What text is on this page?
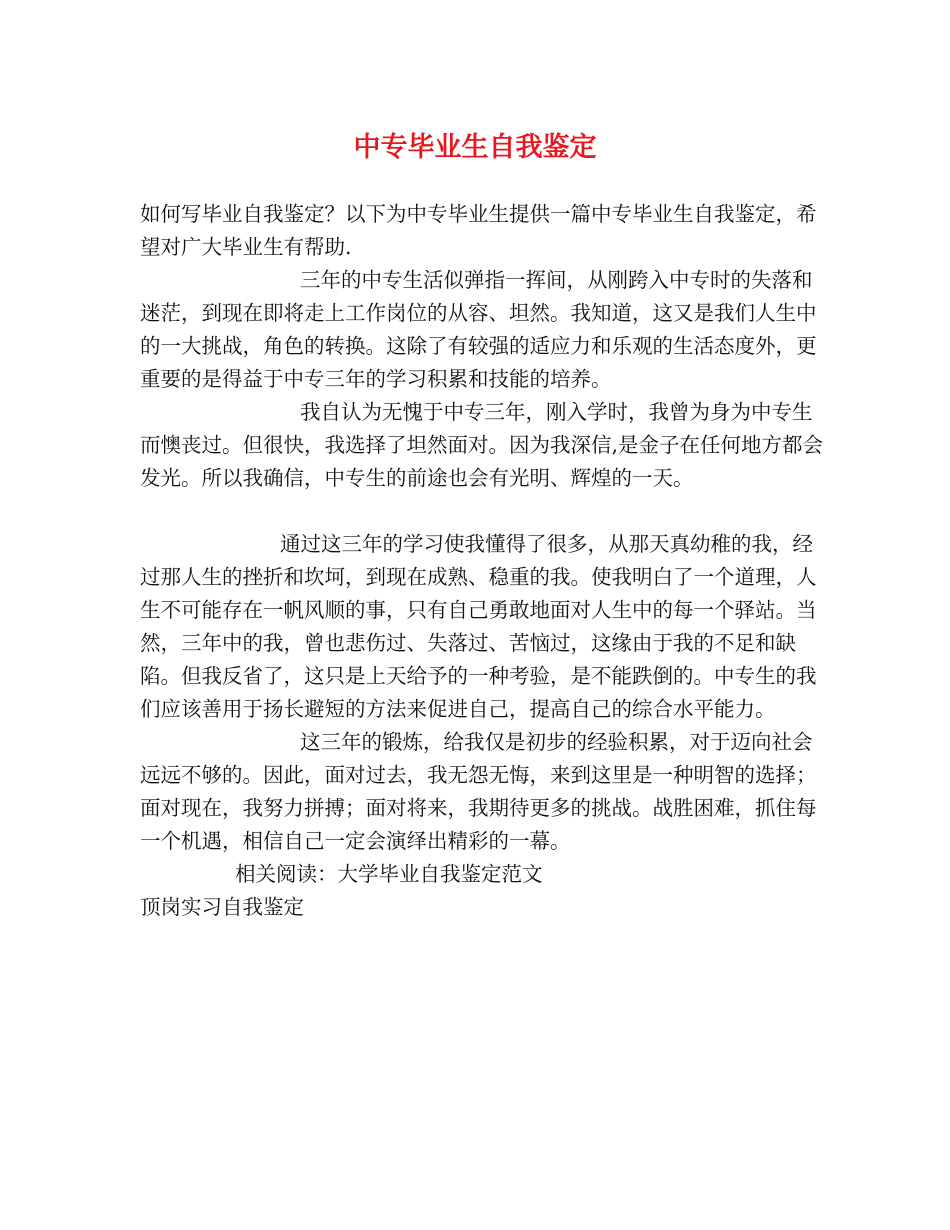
中专毕业生自我鉴定

如何写毕业自我鉴定？以下为中专毕业生提供一篇中专毕业生自我鉴定，希望对广大毕业生有帮助.

三年的中专生活似弹指一挥间，从刚跨入中专时的失落和迷茫，到现在即将走上工作岗位的从容、坦然。我知道，这又是我们人生中的一大挑战，角色的转换。这除了有较强的适应力和乐观的生活态度外，更重要的是得益于中专三年的学习积累和技能的培养。

我自认为无愧于中专三年，刚入学时，我曾为身为中专生而懊丧过。但很快，我选择了坦然面对。因为我深信,是金子在任何地方都会发光。所以我确信，中专生的前途也会有光明、辉煌的一天。

通过这三年的学习使我懂得了很多，从那天真幼稚的我，经过那人生的挫折和坎坷，到现在成熟、稳重的我。使我明白了一个道理，人生不可能存在一帆风顺的事，只有自己勇敢地面对人生中的每一个驿站。当然，三年中的我，曾也悲伤过、失落过、苦恼过，这缘由于我的不足和缺陷。但我反省了，这只是上天给予的一种考验，是不能跌倒的。中专生的我们应该善用于扬长避短的方法来促进自己，提高自己的综合水平能力。

这三年的锻炼，给我仅是初步的经验积累，对于迈向社会远远不够的。因此，面对过去，我无怨无悔，来到这里是一种明智的选择；面对现在，我努力拼搏；面对将来，我期待更多的挑战。战胜困难，抓住每一个机遇，相信自己一定会演绎出精彩的一幕。

相关阅读：大学毕业自我鉴定范文

顶岗实习自我鉴定
